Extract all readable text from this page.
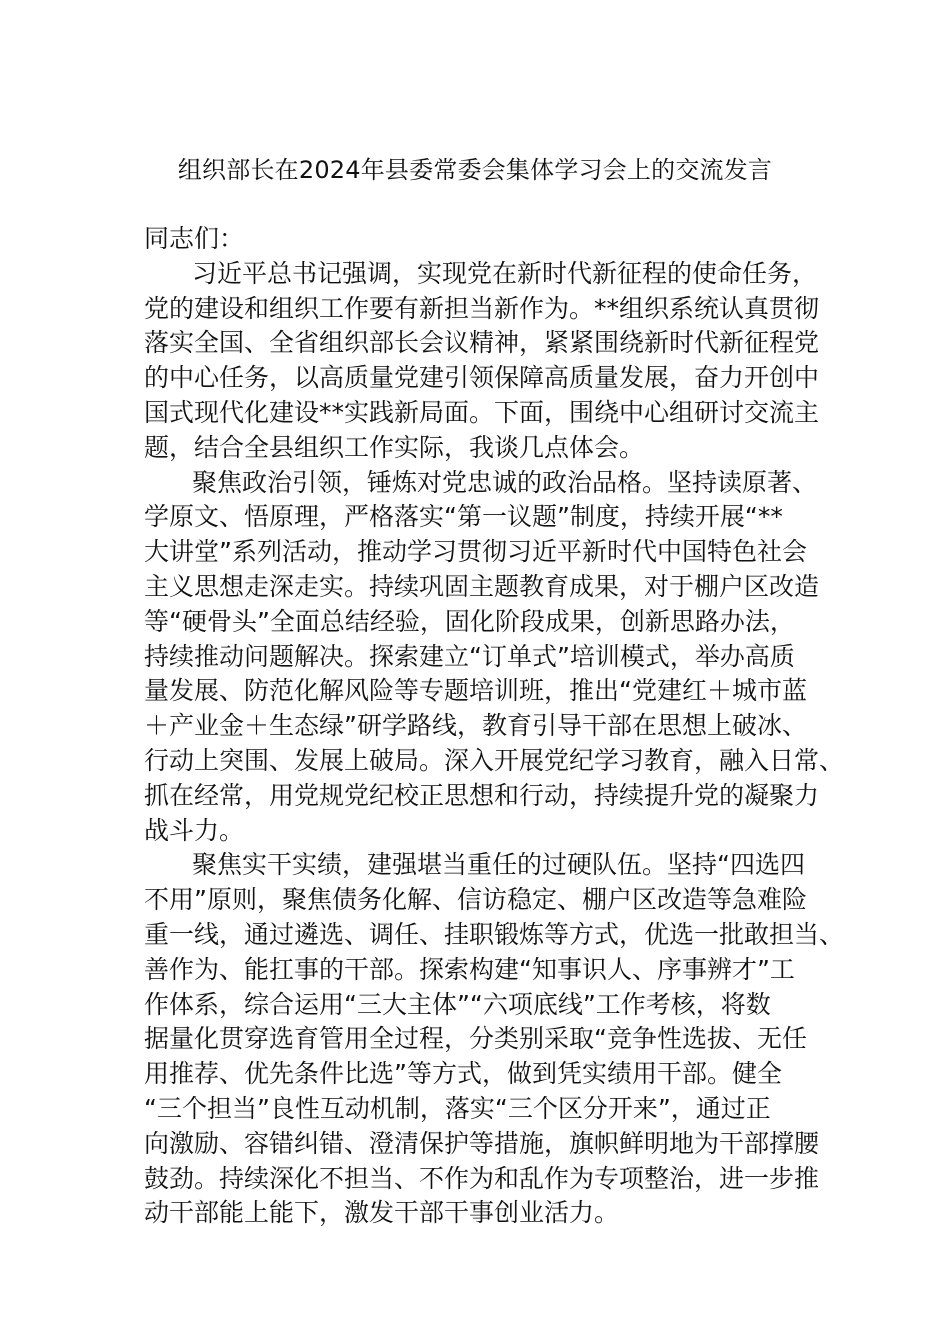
组织部长在2024年县委常委会集体学习会上的交流发言

同志们：

习近平总书记强调，实现党在新时代新征程的使命任务，
党的建设和组织工作要有新担当新作为。**组织系统认真贯彻
落实全国、全省组织部长会议精神，紧紧围绕新时代新征程党
的中心任务，以高质量党建引领保障高质量发展，奋力开创中
国式现代化建设**实践新局面。下面，围绕中心组研讨交流主
题，结合全县组织工作实际，我谈几点体会。

聚焦政治引领，锤炼对党忠诚的政治品格。坚持读原著、
学原文、悟原理，严格落实“第一议题”制度，持续开展“**
大讲堂”系列活动，推动学习贯彻习近平新时代中国特色社会
主义思想走深走实。持续巩固主题教育成果，对于棚户区改造
等“硬骨头”全面总结经验，固化阶段成果，创新思路办法，
持续推动问题解决。探索建立“订单式”培训模式，举办高质
量发展、防范化解风险等专题培训班，推出“党建红＋城市蓝
＋产业金＋生态绿”研学路线，教育引导干部在思想上破冰、
行动上突围、发展上破局。深入开展党纪学习教育，融入日常、
抓在经常，用党规党纪校正思想和行动，持续提升党的凝聚力
战斗力。

聚焦实干实绩，建强堪当重任的过硬队伍。坚持“四选四
不用”原则，聚焦债务化解、信访稳定、棚户区改造等急难险
重一线，通过遴选、调任、挂职锻炼等方式，优选一批敢担当、
善作为、能扛事的干部。探索构建“知事识人、序事辨才”工
作体系，综合运用“三大主体”“六项底线”工作考核，将数
据量化贯穿选育管用全过程，分类别采取“竞争性选拔、无任
用推荐、优先条件比选”等方式，做到凭实绩用干部。健全
“三个担当”良性互动机制，落实“三个区分开来”，通过正
向激励、容错纠错、澄清保护等措施，旗帜鲜明地为干部撑腰
鼓劲。持续深化不担当、不作为和乱作为专项整治，进一步推
动干部能上能下，激发干部干事创业活力。
